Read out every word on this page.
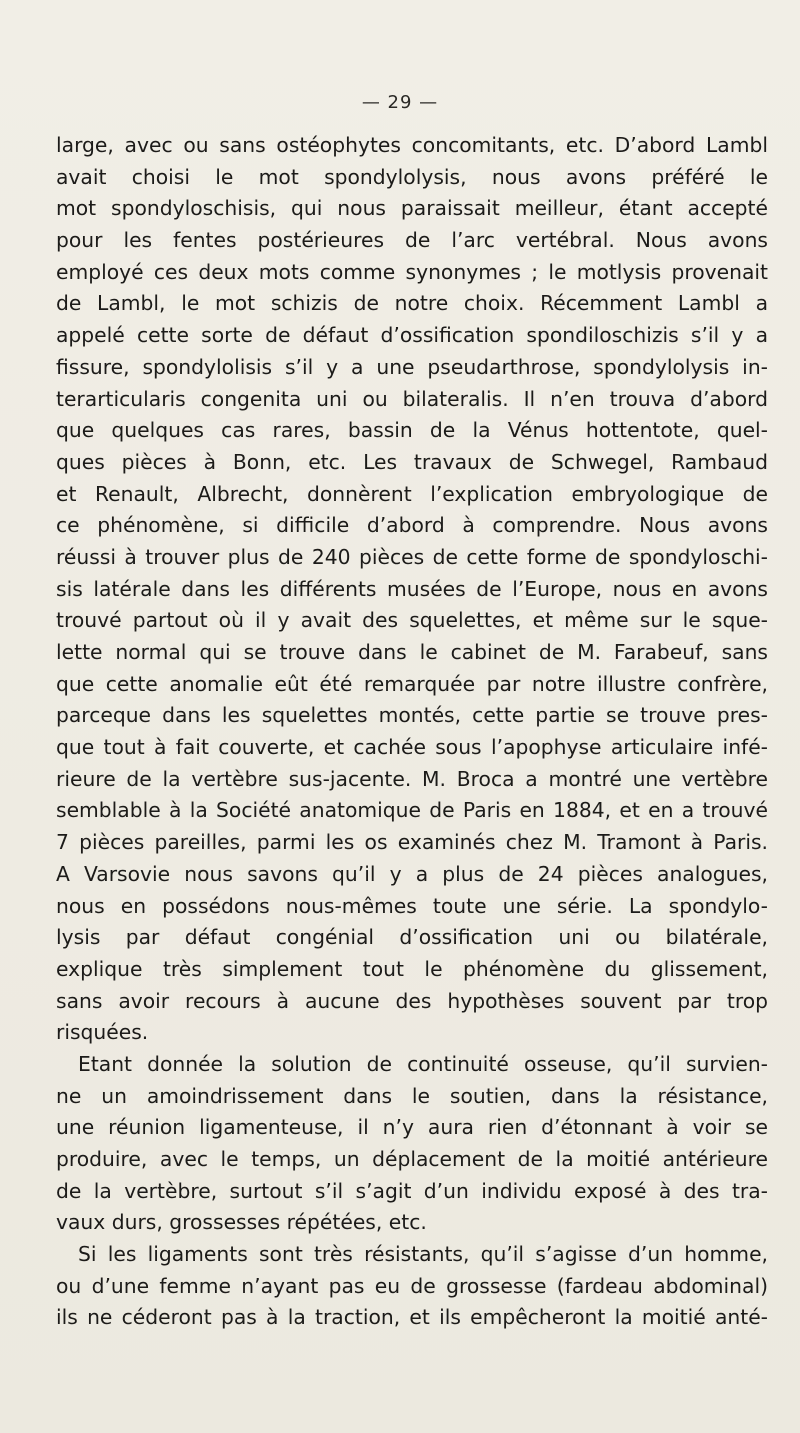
— 29 —
large, avec ou sans ostéophytes concomitants, etc. D’abord Lambl
avait choisi le mot spondylolysis, nous avons préféré le
mot spondyloschisis, qui nous paraissait meilleur, étant accepté
pour les fentes postérieures de l’arc vertébral. Nous avons
employé ces deux mots comme synonymes ; le motlysis provenait
de Lambl, le mot schizis de notre choix. Récemment Lambl a
appelé cette sorte de défaut d’ossification spondiloschizis s’il y a
fissure, spondylolisis s’il y a une pseudarthrose, spondylolysis in-
terarticularis congenita uni ou bilateralis. Il n’en trouva d’abord
que quelques cas rares, bassin de la Vénus hottentote, quel-
ques pièces à Bonn, etc. Les travaux de Schwegel, Rambaud
et Renault, Albrecht, donnèrent l’explication embryologique de
ce phénomène, si difficile d’abord à comprendre. Nous avons
réussi à trouver plus de 240 pièces de cette forme de spondyloschi-
sis latérale dans les différents musées de l’Europe, nous en avons
trouvé partout où il y avait des squelettes, et même sur le sque-
lette normal qui se trouve dans le cabinet de M. Farabeuf, sans
que cette anomalie eût été remarquée par notre illustre confrère,
parceque dans les squelettes montés, cette partie se trouve pres-
que tout à fait couverte, et cachée sous l’apophyse articulaire infé-
rieure de la vertèbre sus-jacente. M. Broca a montré une vertèbre
semblable à la Société anatomique de Paris en 1884, et en a trouvé
7 pièces pareilles, parmi les os examinés chez M. Tramont à Paris.
A Varsovie nous savons qu’il y a plus de 24 pièces analogues,
nous en possédons nous-mêmes toute une série. La spondylo-
lysis par défaut congénial d’ossification uni ou bilatérale,
explique très simplement tout le phénomène du glissement,
sans avoir recours à aucune des hypothèses souvent par trop
risquées.
Etant donnée la solution de continuité osseuse, qu’il survien-
ne un amoindrissement dans le soutien, dans la résistance,
une réunion ligamenteuse, il n’y aura rien d’étonnant à voir se
produire, avec le temps, un déplacement de la moitié antérieure
de la vertèbre, surtout s’il s’agit d’un individu exposé à des tra-
vaux durs, grossesses répétées, etc.
Si les ligaments sont très résistants, qu’il s’agisse d’un homme,
ou d’une femme n’ayant pas eu de grossesse (fardeau abdominal)
ils ne céderont pas à la traction, et ils empêcheront la moitié anté-
